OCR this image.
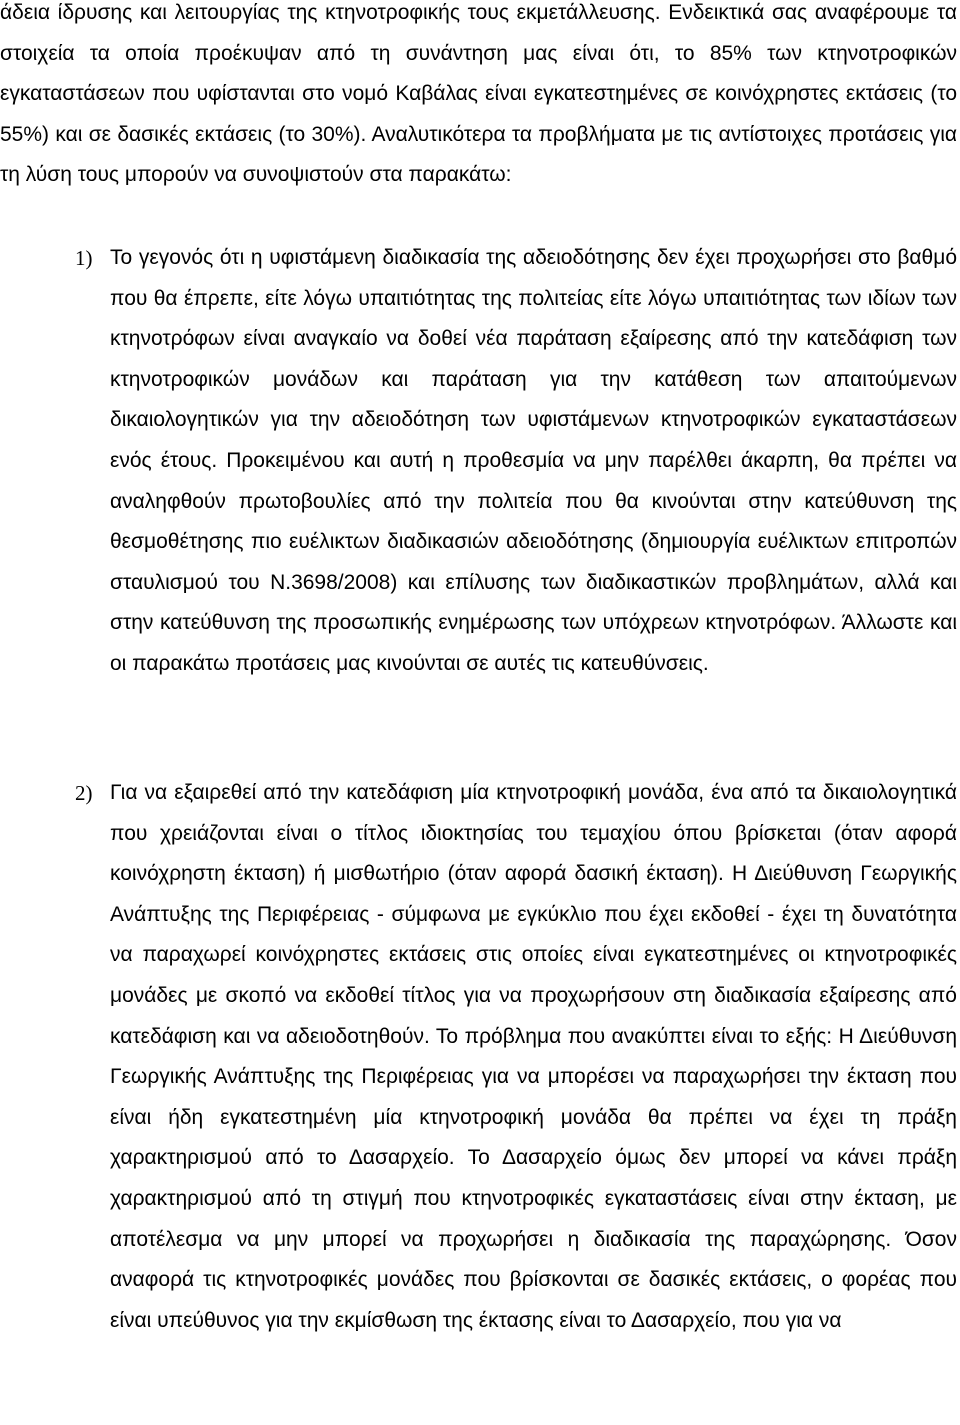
άδεια ίδρυσης και λειτουργίας της κτηνοτροφικής τους εκμετάλλευσης. Ενδεικτικά σας αναφέρουμε τα στοιχεία τα οποία προέκυψαν από τη συνάντηση μας είναι ότι, το 85% των κτηνοτροφικών εγκαταστάσεων που υφίστανται στο νομό Καβάλας είναι εγκατεστημένες σε κοινόχρηστες εκτάσεις (το 55%) και σε δασικές εκτάσεις (το 30%). Αναλυτικότερα τα προβλήματα με τις αντίστοιχες προτάσεις για τη λύση τους μπορούν να συνοψιστούν στα παρακάτω:

1) Το γεγονός ότι η υφιστάμενη διαδικασία της αδειοδότησης δεν έχει προχωρήσει στο βαθμό που θα έπρεπε, είτε λόγω υπαιτιότητας της πολιτείας είτε λόγω υπαιτιότητας των ιδίων των κτηνοτρόφων είναι αναγκαίο να δοθεί νέα παράταση εξαίρεσης από την κατεδάφιση των κτηνοτροφικών μονάδων και παράταση για την κατάθεση των απαιτούμενων δικαιολογητικών για την αδειοδότηση των υφιστάμενων κτηνοτροφικών εγκαταστάσεων ενός έτους. Προκειμένου και αυτή η προθεσμία να μην παρέλθει άκαρπη, θα πρέπει να αναληφθούν πρωτοβουλίες από την πολιτεία που θα κινούνται στην κατεύθυνση της θεσμοθέτησης πιο ευέλικτων διαδικασιών αδειοδότησης (δημιουργία ευέλικτων επιτροπών σταυλισμού του Ν.3698/2008) και επίλυσης των διαδικαστικών προβλημάτων, αλλά και στην κατεύθυνση της προσωπικής ενημέρωσης των υπόχρεων κτηνοτρόφων. Άλλωστε και οι παρακάτω προτάσεις μας κινούνται σε αυτές τις κατευθύνσεις.

2) Για να εξαιρεθεί από την κατεδάφιση μία κτηνοτροφική μονάδα, ένα από τα δικαιολογητικά που χρειάζονται είναι ο τίτλος ιδιοκτησίας του τεμαχίου όπου βρίσκεται (όταν αφορά κοινόχρηστη έκταση) ή μισθωτήριο (όταν αφορά δασική έκταση). Η Διεύθυνση Γεωργικής Ανάπτυξης της Περιφέρειας - σύμφωνα με εγκύκλιο που έχει εκδοθεί - έχει τη δυνατότητα να παραχωρεί κοινόχρηστες εκτάσεις στις οποίες είναι εγκατεστημένες οι κτηνοτροφικές μονάδες με σκοπό να εκδοθεί τίτλος για να προχωρήσουν στη διαδικασία εξαίρεσης από κατεδάφιση και να αδειοδοτηθούν. Το πρόβλημα που ανακύπτει είναι το εξής: Η Διεύθυνση Γεωργικής Ανάπτυξης της Περιφέρειας για να μπορέσει να παραχωρήσει την έκταση που είναι ήδη εγκατεστημένη μία κτηνοτροφική μονάδα θα πρέπει να έχει τη πράξη χαρακτηρισμού από το Δασαρχείο. Το Δασαρχείο όμως δεν μπορεί να κάνει πράξη χαρακτηρισμού από τη στιγμή που κτηνοτροφικές εγκαταστάσεις είναι στην έκταση, με αποτέλεσμα να μην μπορεί να προχωρήσει η διαδικασία της παραχώρησης. Όσον αναφορά τις κτηνοτροφικές μονάδες που βρίσκονται σε δασικές εκτάσεις, ο φορέας που είναι υπεύθυνος για την εκμίσθωση της έκτασης είναι το Δασαρχείο, που για να
